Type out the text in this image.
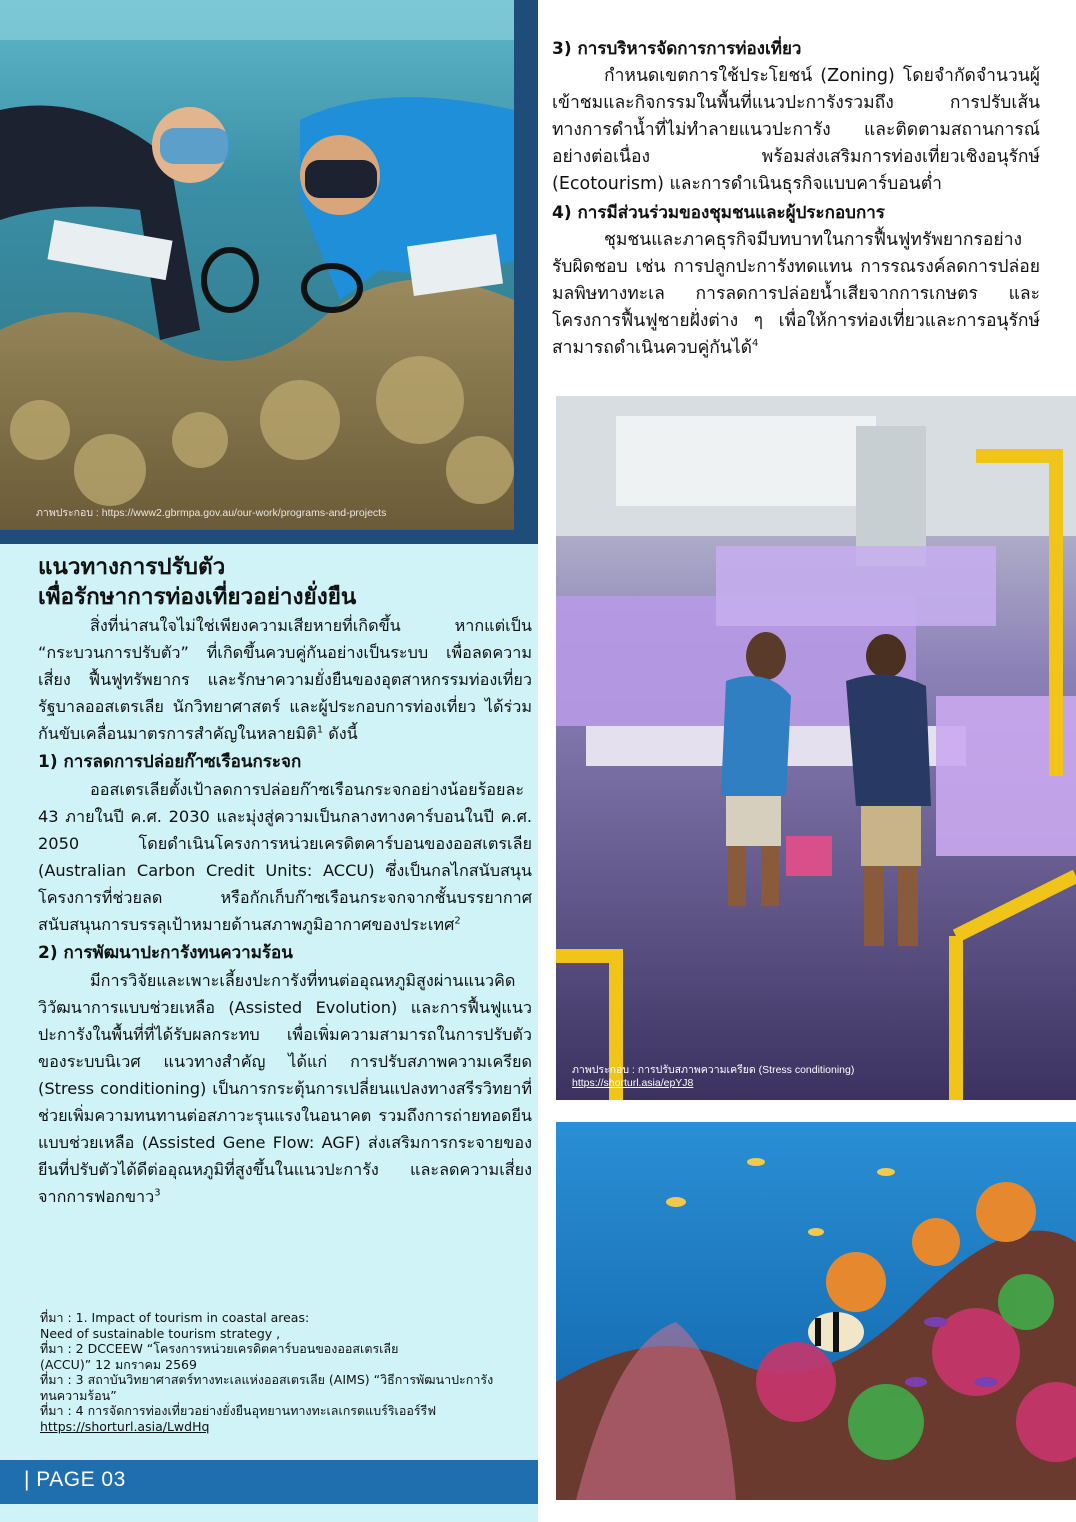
ภาพประกอบ : https://www2.gbrmpa.gov.au/our-work/programs-and-projects
3) การบริหารจัดการการท่องเที่ยว
กำหนดเขตการใช้ประโยชน์ (Zoning) โดยจำกัดจำนวนผู้เข้าชมและกิจกรรมในพื้นที่แนวปะการังรวมถึง การปรับเส้นทางการดำน้ำที่ไม่ทำลายแนวปะการัง และติดตามสถานการณ์อย่างต่อเนื่อง พร้อมส่งเสริมการท่องเที่ยวเชิงอนุรักษ์ (Ecotourism) และการดำเนินธุรกิจแบบคาร์บอนต่ำ
4) การมีส่วนร่วมของชุมชนและผู้ประกอบการ
ชุมชนและภาคธุรกิจมีบทบาทในการฟื้นฟูทรัพยากรอย่างรับผิดชอบ เช่น การปลูกปะการังทดแทน การรณรงค์ลดการปล่อยมลพิษทางทะเล การลดการปล่อยน้ำเสียจากการเกษตร และโครงการฟื้นฟูชายฝั่งต่าง ๆ เพื่อให้การท่องเที่ยวและการอนุรักษ์สามารถดำเนินควบคู่กันได้$^4$
ภาพประกอบ : การปรับสภาพความเครียด (Stress conditioning)
https://shorturl.asia/epYJ8
แนวทางการปรับตัว
เพื่อรักษาการท่องเที่ยวอย่างยั่งยืน
สิ่งที่น่าสนใจไม่ใช่เพียงความเสียหายที่เกิดขึ้น หากแต่เป็น “กระบวนการปรับตัว” ที่เกิดขึ้นควบคู่กันอย่างเป็นระบบ เพื่อลดความเสี่ยง ฟื้นฟูทรัพยากร และรักษาความยั่งยืนของอุตสาหกรรมท่องเที่ยว รัฐบาลออสเตรเลีย นักวิทยาศาสตร์ และผู้ประกอบการท่องเที่ยว ได้ร่วมกันขับเคลื่อนมาตรการสำคัญในหลายมิติ$^1$ ดังนี้
1) การลดการปล่อยก๊าซเรือนกระจก
ออสเตรเลียตั้งเป้าลดการปล่อยก๊าซเรือนกระจกอย่างน้อยร้อยละ 43 ภายในปี ค.ศ. 2030 และมุ่งสู่ความเป็นกลางทางคาร์บอนในปี ค.ศ. 2050 โดยดำเนินโครงการหน่วยเครดิตคาร์บอนของออสเตรเลีย (Australian Carbon Credit Units: ACCU) ซึ่งเป็นกลไกสนับสนุนโครงการที่ช่วยลด หรือกักเก็บก๊าซเรือนกระจกจากชั้นบรรยากาศ สนับสนุนการบรรลุเป้าหมายด้านสภาพภูมิอากาศของประเทศ$^2$
2) การพัฒนาปะการังทนความร้อน
มีการวิจัยและเพาะเลี้ยงปะการังที่ทนต่ออุณหภูมิสูงผ่านแนวคิดวิวัฒนาการแบบช่วยเหลือ (Assisted Evolution) และการฟื้นฟูแนวปะการังในพื้นที่ที่ได้รับผลกระทบ เพื่อเพิ่มความสามารถในการปรับตัวของระบบนิเวศ แนวทางสำคัญ ได้แก่ การปรับสภาพความเครียด (Stress conditioning) เป็นการกระตุ้นการเปลี่ยนแปลงทางสรีรวิทยาที่ช่วยเพิ่มความทนทานต่อสภาวะรุนแรงในอนาคต รวมถึงการถ่ายทอดยีนแบบช่วยเหลือ (Assisted Gene Flow: AGF) ส่งเสริมการกระจายของยีนที่ปรับตัวได้ดีต่ออุณหภูมิที่สูงขึ้นในแนวปะการัง และลดความเสี่ยงจากการฟอกขาว$^3$
ที่มา : 1. Impact of tourism in coastal areas:
Need of sustainable tourism strategy ,
ที่มา : 2 DCCEEW “โครงการหน่วยเครดิตคาร์บอนของออสเตรเลีย
(ACCU)” 12 มกราคม 2569
ที่มา : 3 สถาบันวิทยาศาสตร์ทางทะเลแห่งออสเตรเลีย (AIMS) “วิธีการพัฒนาปะการัง
ทนความร้อน”
ที่มา : 4 การจัดการท่องเที่ยวอย่างยั่งยืนอุทยานทางทะเลเกรตแบร์ริเออร์รีฟ
https://shorturl.asia/LwdHq
| PAGE 03
